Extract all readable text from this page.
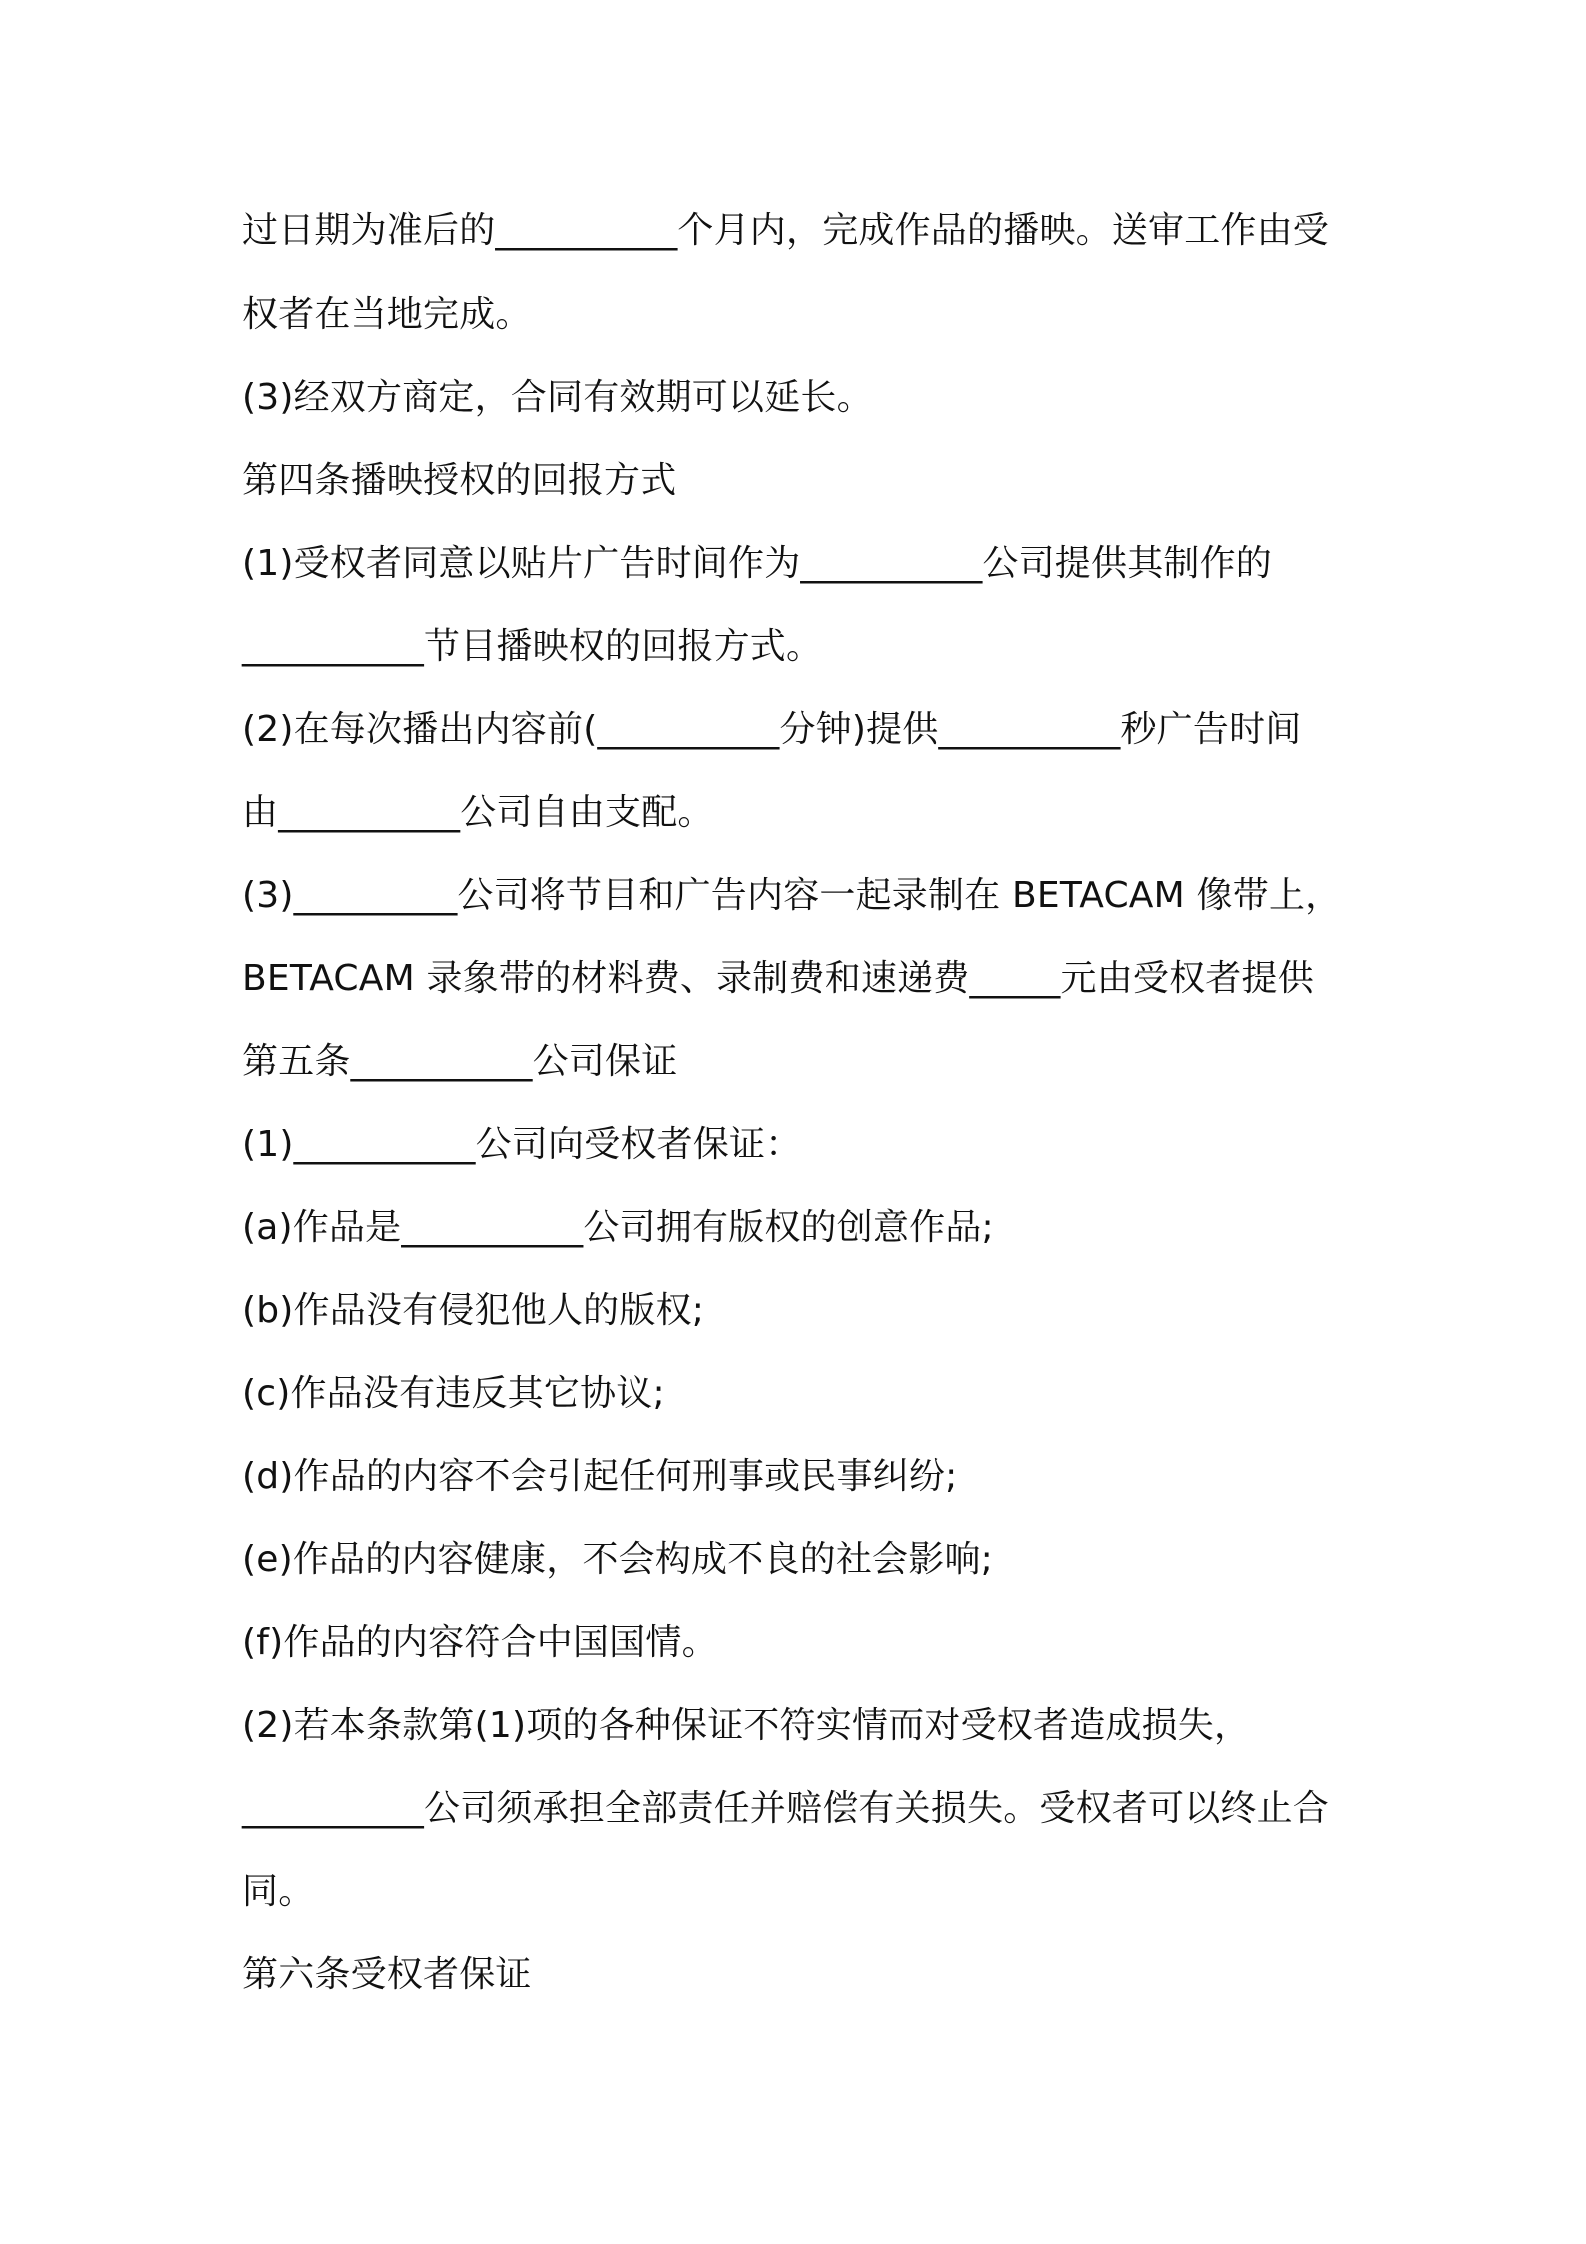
过日期为准后的__________个月内，完成作品的播映。送审工作由受

权者在当地完成。

(3)经双方商定，合同有效期可以延长。

第四条播映授权的回报方式

(1)受权者同意以贴片广告时间作为__________公司提供其制作的

__________节目播映权的回报方式。

(2)在每次播出内容前(__________分钟)提供__________秒广告时间

由__________公司自由支配。

(3)_________公司将节目和广告内容一起录制在 BETACAM 像带上，

BETACAM 录象带的材料费、录制费和速递费_____元由受权者提供

第五条__________公司保证

(1)__________公司向受权者保证：

(a)作品是__________公司拥有版权的创意作品;

(b)作品没有侵犯他人的版权;

(c)作品没有违反其它协议;

(d)作品的内容不会引起任何刑事或民事纠纷;

(e)作品的内容健康，不会构成不良的社会影响;

(f)作品的内容符合中国国情。

(2)若本条款第(1)项的各种保证不符实情而对受权者造成损失，

__________公司须承担全部责任并赔偿有关损失。受权者可以终止合

同。

第六条受权者保证
